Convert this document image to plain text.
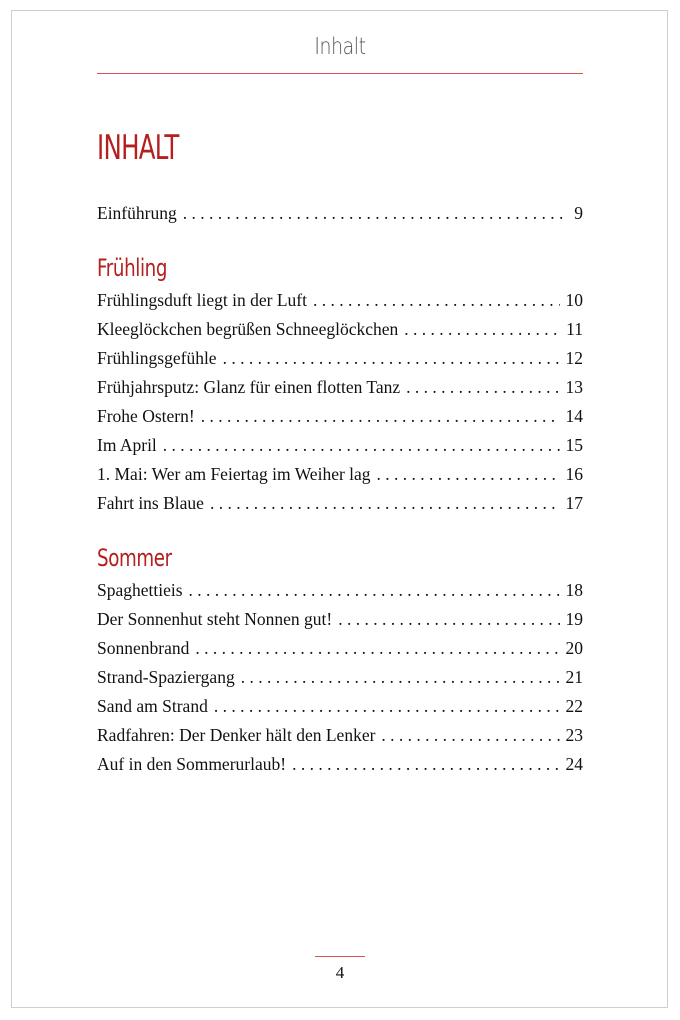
Inhalt
INHALT
Einführung . . .	9
Frühling
Frühlingsduft liegt in der Luft . . .	10
Kleeglöckchen begrüßen Schneeglöckchen . . .	11
Frühlingsgefühle . . .	12
Frühjahrsputz: Glanz für einen flotten Tanz . . .	13
Frohe Ostern! . . .	14
Im April . . .	15
1. Mai: Wer am Feiertag im Weiher lag . . .	16
Fahrt ins Blaue . . .	17
Sommer
Spaghettieis . . .	18
Der Sonnenhut steht Nonnen gut! . . .	19
Sonnenbrand . . .	20
Strand-Spaziergang . . .	21
Sand am Strand . . .	22
Radfahren: Der Denker hält den Lenker . . .	23
Auf in den Sommerurlaub! . . .	24
4
